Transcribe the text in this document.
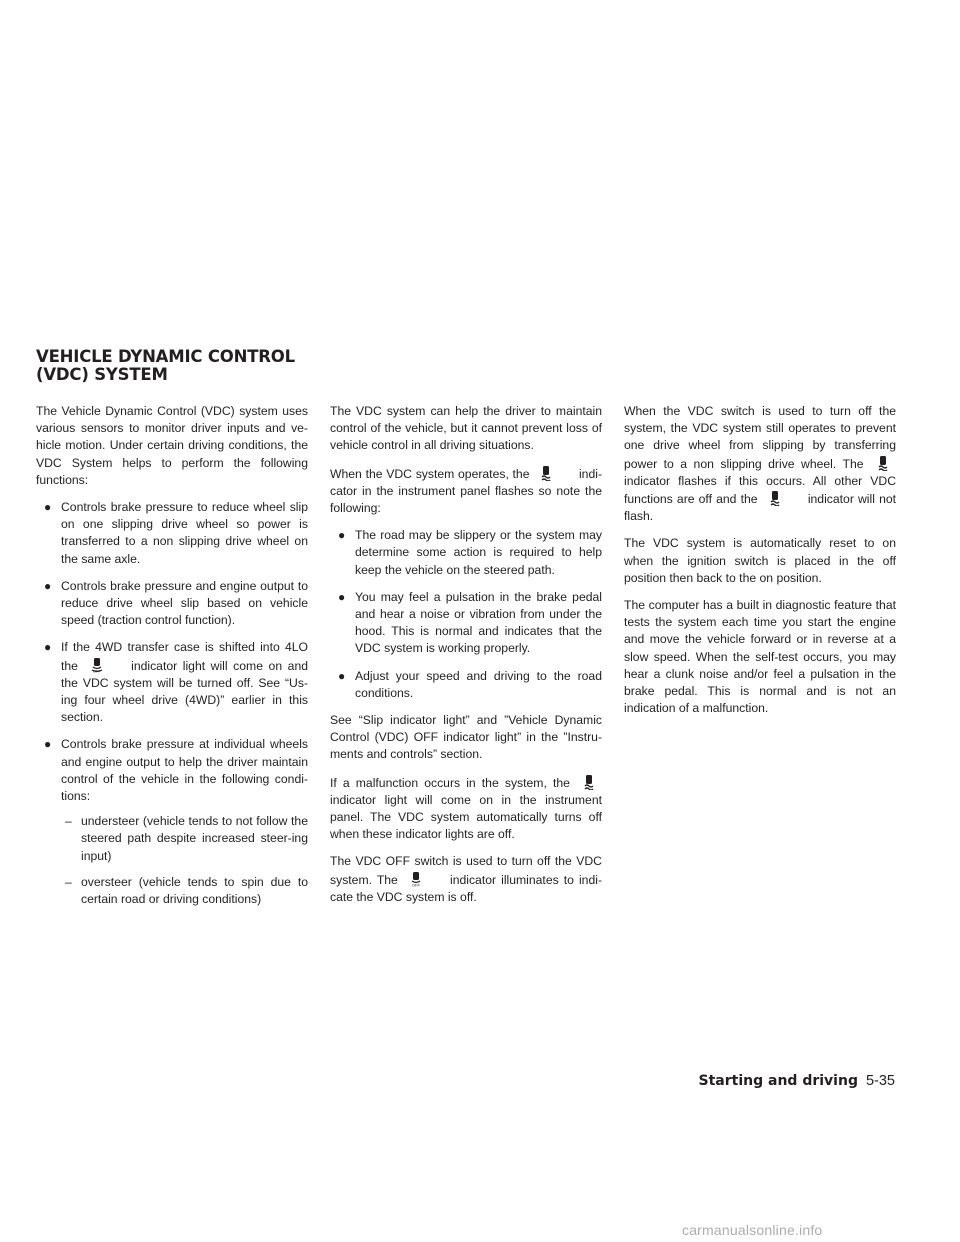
VEHICLE DYNAMIC CONTROL (VDC) SYSTEM

The Vehicle Dynamic Control (VDC) system uses various sensors to monitor driver inputs and ve-hicle motion. Under certain driving conditions, the VDC System helps to perform the following functions:

● Controls brake pressure to reduce wheel slip on one slipping drive wheel so power is transferred to a non slipping drive wheel on the same axle.
● Controls brake pressure and engine output to reduce drive wheel slip based on vehicle speed (traction control function).
● If the 4WD transfer case is shifted into 4LO the	OFF	indicator light will come on and the VDC system will be turned off. See “Us-ing four wheel drive (4WD)” earlier in this section.
● Controls brake pressure at individual wheels and engine output to help the driver maintain control of the vehicle in the following condi-tions:
– understeer (vehicle tends to not follow the steered path despite increased steer-ing input)
– oversteer (vehicle tends to spin due to certain road or driving conditions)

The VDC system can help the driver to maintain control of the vehicle, but it cannot prevent loss of vehicle control in all driving situations.

When the VDC system operates, the	indi-cator in the instrument panel flashes so note the following:

● The road may be slippery or the system may determine some action is required to help keep the vehicle on the steered path.
● You may feel a pulsation in the brake pedal and hear a noise or vibration from under the hood. This is normal and indicates that the VDC system is working properly.
● Adjust your speed and driving to the road conditions.

See “Slip indicator light” and ”Vehicle Dynamic Control (VDC) OFF indicator light” in the ”Instru-ments and controls” section.

If a malfunction occurs in the system, the
indicator light will come on in the instrument panel. The VDC system automatically turns off when these indicator lights are off.

The VDC OFF switch is used to turn off the VDC system. The	OFF indicator illuminates to indi-cate the VDC system is off.

When the VDC switch is used to turn off the system, the VDC system still operates to prevent one drive wheel from slipping by transferring power to a non slipping drive wheel. The
indicator flashes if this occurs. All other VDC functions are off and the	indicator will not flash.

The VDC system is automatically reset to on when the ignition switch is placed in the off position then back to the on position.

The computer has a built in diagnostic feature that tests the system each time you start the engine and move the vehicle forward or in reverse at a slow speed. When the self-test occurs, you may hear a clunk noise and/or feel a pulsation in the brake pedal. This is normal and is not an indication of a malfunction.

Starting and driving 5-35
carmanualsonline.info
